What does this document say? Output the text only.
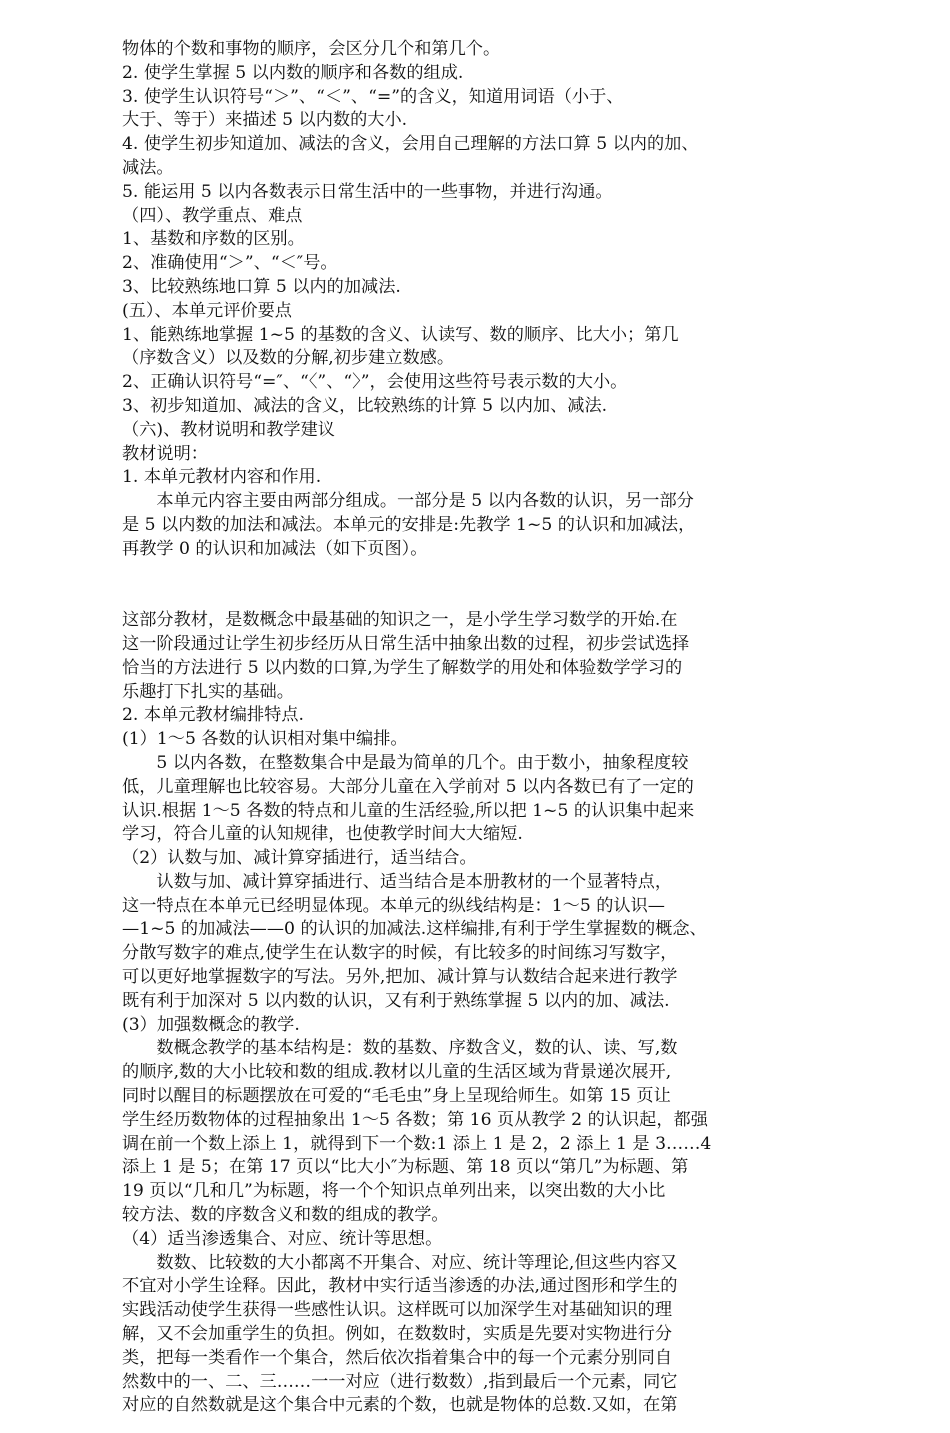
物体的个数和事物的顺序，会区分几个和第几个。
2. 使学生掌握 5 以内数的顺序和各数的组成.
3. 使学生认识符号“＞”、“＜”、“=”的含义，知道用词语（小于、
大于、等于）来描述 5 以内数的大小.
4. 使学生初步知道加、减法的含义，会用自己理解的方法口算 5 以内的加、
减法。
5. 能运用 5 以内各数表示日常生活中的一些事物，并进行沟通。
（四）、教学重点、难点
1、基数和序数的区别。
2、准确使用“＞”、“＜″号。
3、比较熟练地口算 5 以内的加减法.
(五）、本单元评价要点
1、能熟练地掌握 1~5 的基数的含义、认读写、数的顺序、比大小；第几
（序数含义）以及数的分解,初步建立数感。
2、正确认识符号“=″、“〈”、“〉”，会使用这些符号表示数的大小。
3、初步知道加、减法的含义，比较熟练的计算 5 以内加、减法.
（六)、教材说明和教学建议
教材说明：
1. 本单元教材内容和作用.
　　本单元内容主要由两部分组成。一部分是 5 以内各数的认识，另一部分
是 5 以内数的加法和减法。本单元的安排是:先教学 1~5 的认识和加减法，
再教学 0 的认识和加减法（如下页图）。
这部分教材，是数概念中最基础的知识之一，是小学生学习数学的开始.在
这一阶段通过让学生初步经历从日常生活中抽象出数的过程，初步尝试选择
恰当的方法进行 5 以内数的口算,为学生了解数学的用处和体验数学学习的
乐趣打下扎实的基础。
2. 本单元教材编排特点.
(1）1～5 各数的认识相对集中编排。
　　5 以内各数，在整数集合中是最为简单的几个。由于数小，抽象程度较
低，儿童理解也比较容易。大部分儿童在入学前对 5 以内各数已有了一定的
认识.根据 1～5 各数的特点和儿童的生活经验,所以把 1~5 的认识集中起来
学习，符合儿童的认知规律，也使教学时间大大缩短.
（2）认数与加、减计算穿插进行，适当结合。
　　认数与加、减计算穿插进行、适当结合是本册教材的一个显著特点，
这一特点在本单元已经明显体现。本单元的纵线结构是：1～5 的认识—
—1~5 的加减法——0 的认识的加减法.这样编排,有利于学生掌握数的概念、
分散写数字的难点,使学生在认数字的时候，有比较多的时间练习写数字，
可以更好地掌握数字的写法。另外,把加、减计算与认数结合起来进行教学
既有利于加深对 5 以内数的认识，又有利于熟练掌握 5 以内的加、减法.
(3）加强数概念的教学.
　　数概念教学的基本结构是：数的基数、序数含义，数的认、读、写,数
的顺序,数的大小比较和数的组成.教材以儿童的生活区域为背景递次展开,
同时以醒目的标题摆放在可爱的“毛毛虫”身上呈现给师生。如第 15 页让
学生经历数物体的过程抽象出 1～5 各数；第 16 页从教学 2 的认识起，都强
调在前一个数上添上 1，就得到下一个数:1 添上 1 是 2，2 添上 1 是 3……4
添上 1 是 5；在第 17 页以“比大小″为标题、第 18 页以“第几”为标题、第
19 页以“几和几”为标题，将一个个知识点单列出来，以突出数的大小比
较方法、数的序数含义和数的组成的教学。
（4）适当渗透集合、对应、统计等思想。
　　数数、比较数的大小都离不开集合、对应、统计等理论,但这些内容又
不宜对小学生诠释。因此，教材中实行适当渗透的办法,通过图形和学生的
实践活动使学生获得一些感性认识。这样既可以加深学生对基础知识的理
解，又不会加重学生的负担。例如，在数数时，实质是先要对实物进行分
类，把每一类看作一个集合，然后依次指着集合中的每一个元素分别同自
然数中的一、二、三……一一对应（进行数数）,指到最后一个元素，同它
对应的自然数就是这个集合中元素的个数，也就是物体的总数.又如，在第
